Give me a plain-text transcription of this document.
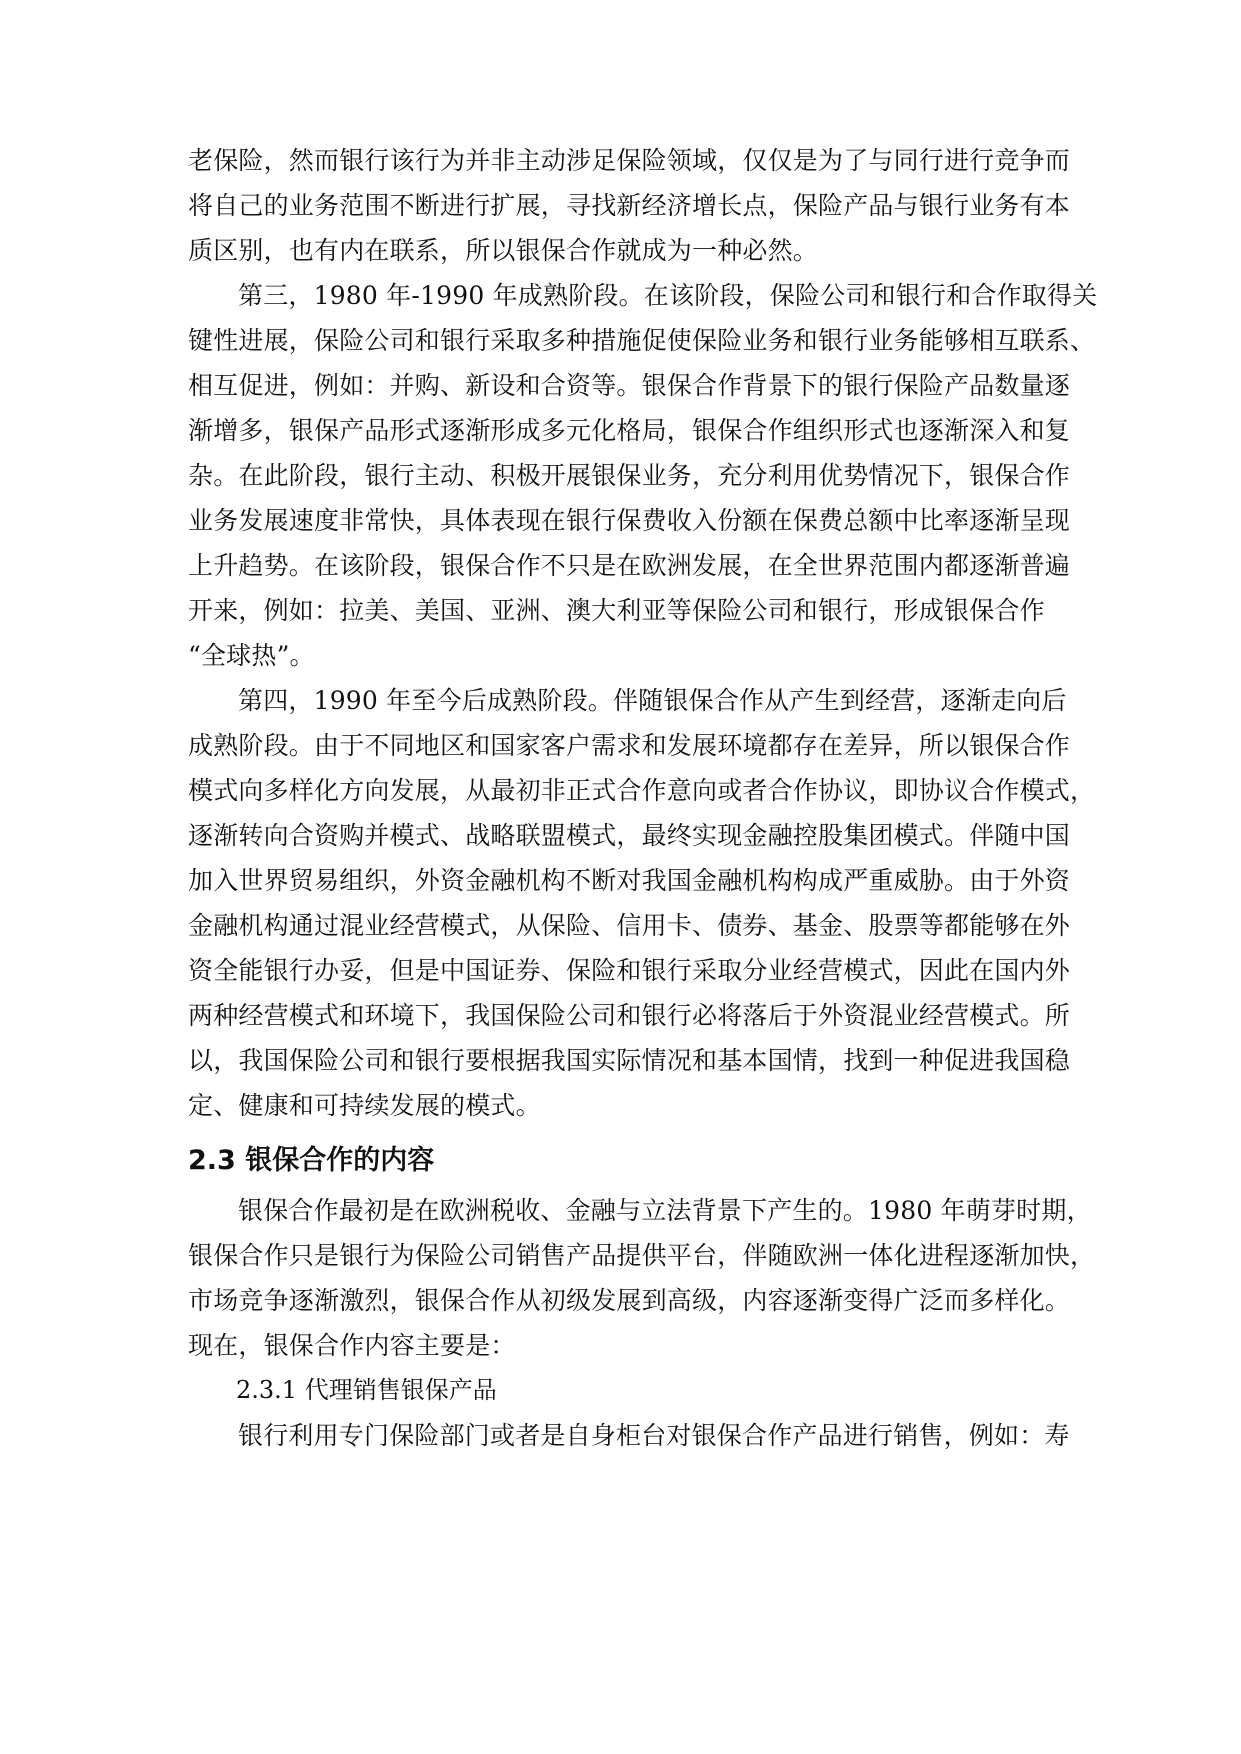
老保险，然而银行该行为并非主动涉足保险领域，仅仅是为了与同行进行竞争而
将自己的业务范围不断进行扩展，寻找新经济增长点，保险产品与银行业务有本
质区别，也有内在联系，所以银保合作就成为一种必然。
第三，1980 年-1990 年成熟阶段。在该阶段，保险公司和银行和合作取得关
键性进展，保险公司和银行采取多种措施促使保险业务和银行业务能够相互联系、
相互促进，例如：并购、新设和合资等。银保合作背景下的银行保险产品数量逐
渐增多，银保产品形式逐渐形成多元化格局，银保合作组织形式也逐渐深入和复
杂。在此阶段，银行主动、积极开展银保业务，充分利用优势情况下，银保合作
业务发展速度非常快，具体表现在银行保费收入份额在保费总额中比率逐渐呈现
上升趋势。在该阶段，银保合作不只是在欧洲发展，在全世界范围内都逐渐普遍
开来，例如：拉美、美国、亚洲、澳大利亚等保险公司和银行，形成银保合作
“全球热”。
第四，1990 年至今后成熟阶段。伴随银保合作从产生到经营，逐渐走向后
成熟阶段。由于不同地区和国家客户需求和发展环境都存在差异，所以银保合作
模式向多样化方向发展，从最初非正式合作意向或者合作协议，即协议合作模式，
逐渐转向合资购并模式、战略联盟模式，最终实现金融控股集团模式。伴随中国
加入世界贸易组织，外资金融机构不断对我国金融机构构成严重威胁。由于外资
金融机构通过混业经营模式，从保险、信用卡、债券、基金、股票等都能够在外
资全能银行办妥，但是中国证券、保险和银行采取分业经营模式，因此在国内外
两种经营模式和环境下，我国保险公司和银行必将落后于外资混业经营模式。所
以，我国保险公司和银行要根据我国实际情况和基本国情，找到一种促进我国稳
定、健康和可持续发展的模式。
2.3 银保合作的内容
银保合作最初是在欧洲税收、金融与立法背景下产生的。1980 年萌芽时期，
银保合作只是银行为保险公司销售产品提供平台，伴随欧洲一体化进程逐渐加快，
市场竞争逐渐激烈，银保合作从初级发展到高级，内容逐渐变得广泛而多样化。
现在，银保合作内容主要是：
2.3.1 代理销售银保产品
银行利用专门保险部门或者是自身柜台对银保合作产品进行销售，例如：寿
